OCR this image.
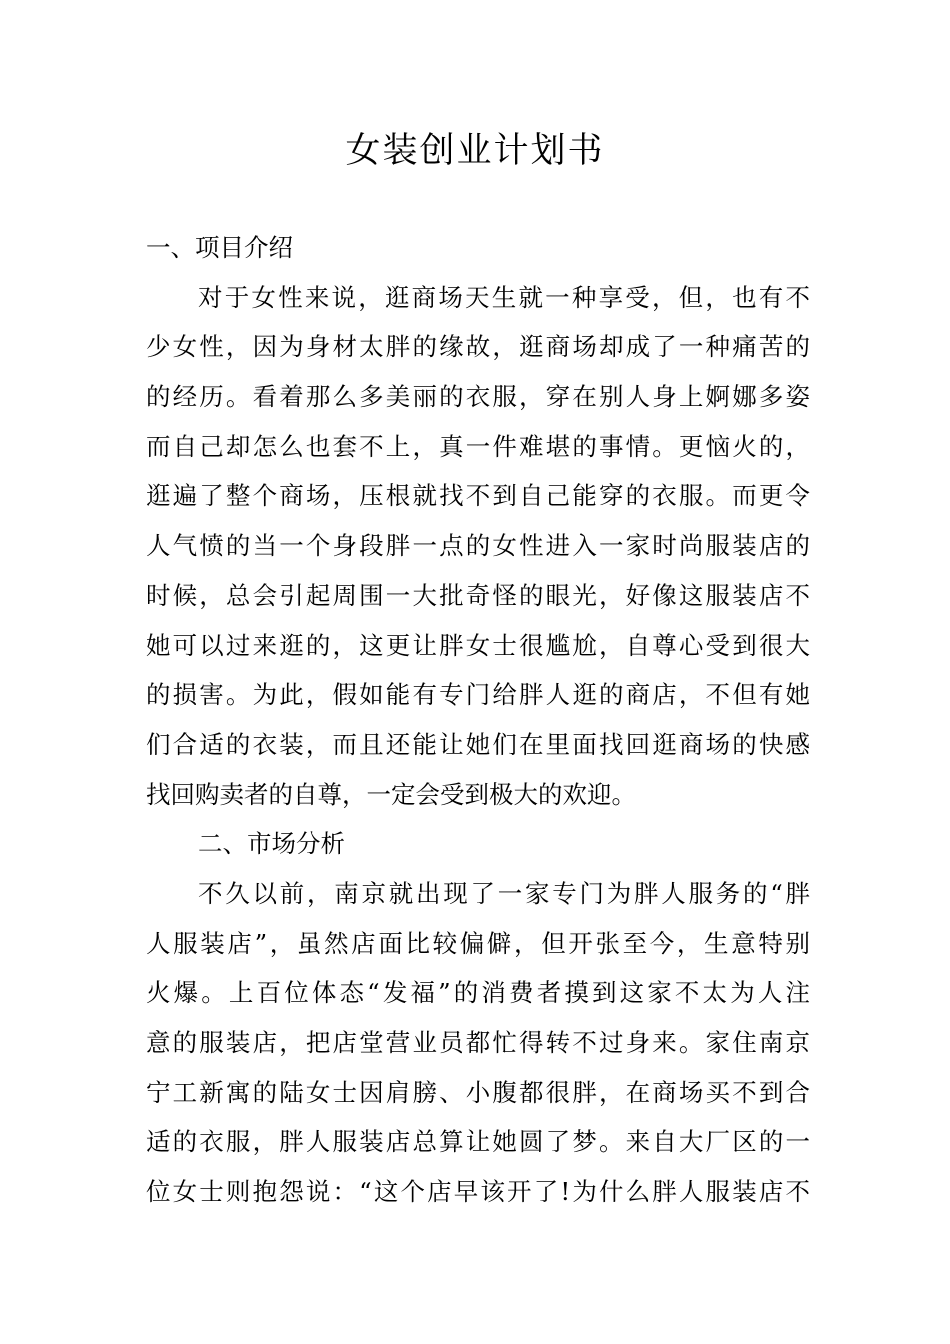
女装创业计划书
一、项目介绍
对于女性来说，逛商场天生就一种享受，但，也有不
少女性，因为身材太胖的缘故，逛商场却成了一种痛苦的
的经历。看着那么多美丽的衣服，穿在别人身上婀娜多姿
而自己却怎么也套不上，真一件难堪的事情。更恼火的，
逛遍了整个商场，压根就找不到自己能穿的衣服。而更令
人气愤的当一个身段胖一点的女性进入一家时尚服装店的
时候，总会引起周围一大批奇怪的眼光，好像这服装店不
她可以过来逛的，这更让胖女士很尴尬，自尊心受到很大
的损害。为此，假如能有专门给胖人逛的商店，不但有她
们合适的衣装，而且还能让她们在里面找回逛商场的快感
找回购卖者的自尊，一定会受到极大的欢迎。
二、市场分析
不久以前，南京就出现了一家专门为胖人服务的“胖
人服装店”，虽然店面比较偏僻，但开张至今，生意特别
火爆。上百位体态“发福”的消费者摸到这家不太为人注
意的服装店，把店堂营业员都忙得转不过身来。家住南京
宁工新寓的陆女士因肩膀、小腹都很胖，在商场买不到合
适的衣服，胖人服装店总算让她圆了梦。来自大厂区的一
位女士则抱怨说：“这个店早该开了!为什么胖人服装店不
